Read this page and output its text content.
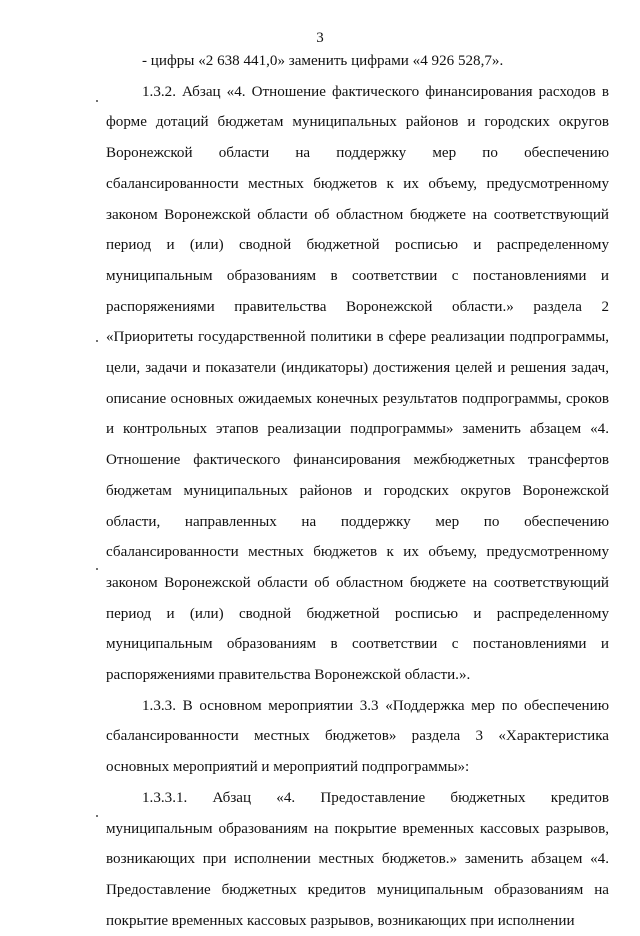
3

- цифры «2 638 441,0» заменить цифрами «4 926 528,7».

1.3.2. Абзац «4. Отношение фактического финансирования расходов в форме дотаций бюджетам муниципальных районов и городских округов Воронежской области на поддержку мер по обеспечению сбалансированности местных бюджетов к их объему, предусмотренному законом Воронежской области об областном бюджете на соответствующий период и (или) сводной бюджетной росписью и распределенному муниципальным образованиям в соответствии с постановлениями и распоряжениями правительства Воронежской области.» раздела 2 «Приоритеты государственной политики в сфере реализации подпрограммы, цели, задачи и показатели (индикаторы) достижения целей и решения задач, описание основных ожидаемых конечных результатов подпрограммы, сроков и контрольных этапов реализации подпрограммы» заменить абзацем «4. Отношение фактического финансирования межбюджетных трансфертов бюджетам муниципальных районов и городских округов Воронежской области, направленных на поддержку мер по обеспечению сбалансированности местных бюджетов к их объему, предусмотренному законом Воронежской области об областном бюджете на соответствующий период и (или) сводной бюджетной росписью и распределенному муниципальным образованиям в соответствии с постановлениями и распоряжениями правительства Воронежской области.».

1.3.3. В основном мероприятии 3.3 «Поддержка мер по обеспечению сбалансированности местных бюджетов» раздела 3 «Характеристика основных мероприятий и мероприятий подпрограммы»:

1.3.3.1. Абзац «4. Предоставление бюджетных кредитов муниципальным образованиям на покрытие временных кассовых разрывов, возникающих при исполнении местных бюджетов.» заменить абзацем «4. Предоставление бюджетных кредитов муниципальным образованиям на покрытие временных кассовых разрывов, возникающих при исполнении
